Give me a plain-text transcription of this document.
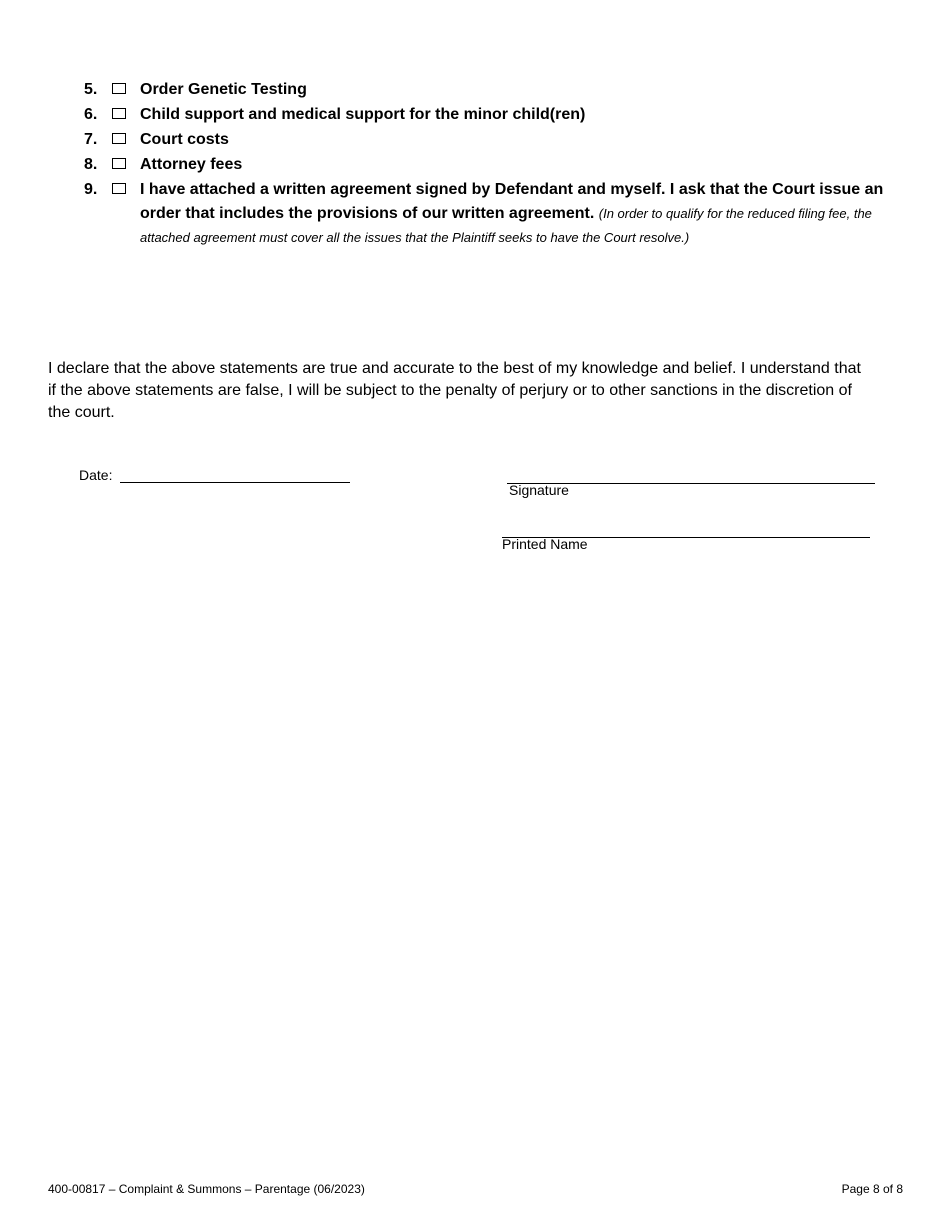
5.	Order Genetic Testing
6.	Child support and medical support for the minor child(ren)
7.	Court costs
8.	Attorney fees
9.	I have attached a written agreement signed by Defendant and myself. I ask that the Court issue an order that includes the provisions of our written agreement. (In order to qualify for the reduced filing fee, the attached agreement must cover all the issues that the Plaintiff seeks to have the Court resolve.)
I declare that the above statements are true and accurate to the best of my knowledge and belief. I understand that if the above statements are false, I will be subject to the penalty of perjury or to other sanctions in the discretion of the court.
Date:
Signature
Printed Name
400-00817 – Complaint & Summons – Parentage (06/2023)	Page 8 of 8
